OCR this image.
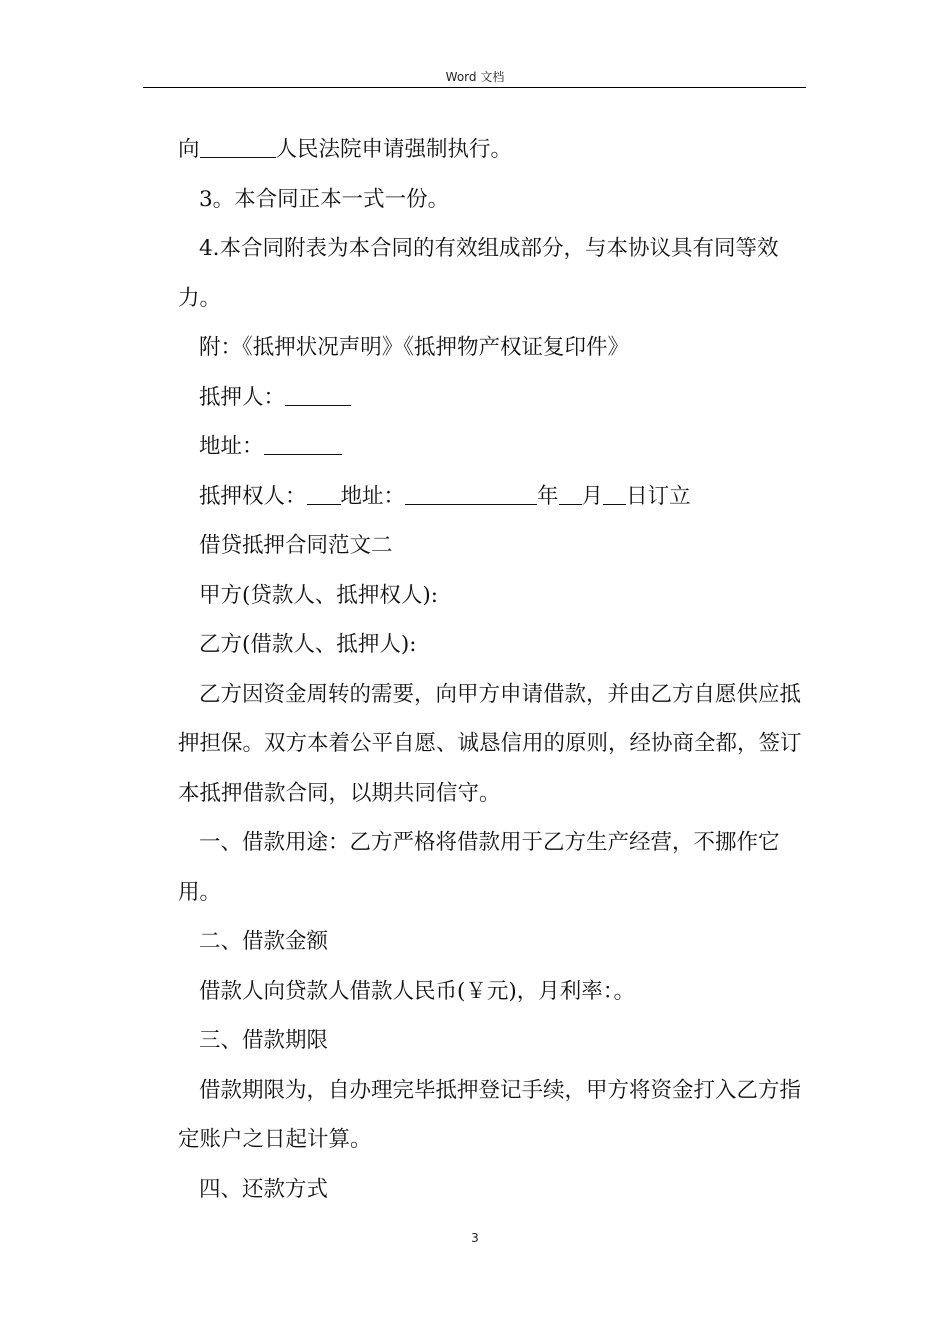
Word 文档

向	人民法院申请强制执行。

3。本合同正本一式一份。

4.本合同附表为本合同的有效组成部分，与本协议具有同等效力。

附：《抵押状况声明》《抵押物产权证复印件》

抵押人：

地址：

抵押权人： 地址：	年 月 日订立

借贷抵押合同范文二

甲方(贷款人、抵押权人):

乙方(借款人、抵押人):

乙方因资金周转的需要，向甲方申请借款，并由乙方自愿供应抵押担保。双方本着公平自愿、诚恳信用的原则，经协商全都，签订本抵押借款合同，以期共同信守。

一、借款用途：乙方严格将借款用于乙方生产经营，不挪作它用。

二、借款金额

借款人向贷款人借款人民币(￥元)，月利率：。

三、借款期限

借款期限为，自办理完毕抵押登记手续，甲方将资金打入乙方指定账户之日起计算。

四、还款方式

3
